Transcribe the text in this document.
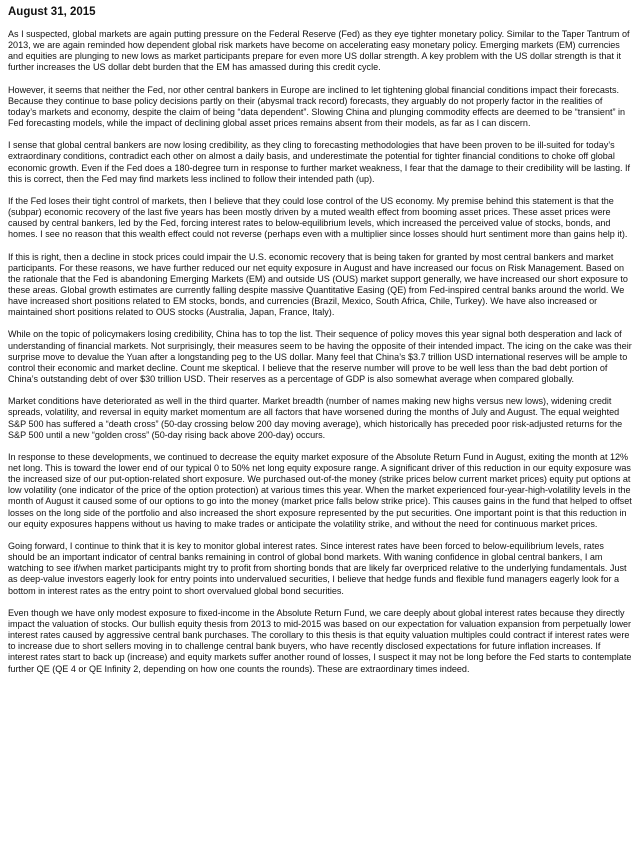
August 31, 2015

As I suspected, global markets are again putting pressure on the Federal Reserve (Fed) as they eye tighter monetary policy. Similar to the Taper Tantrum of 2013, we are again reminded how dependent global risk markets have become on accelerating easy monetary policy. Emerging markets (EM) currencies and equities are plunging to new lows as market participants prepare for even more US dollar strength. A key problem with the US dollar strength is that it further increases the US dollar debt burden that the EM has amassed during this credit cycle.

However, it seems that neither the Fed, nor other central bankers in Europe are inclined to let tightening global financial conditions impact their forecasts. Because they continue to base policy decisions partly on their (abysmal track record) forecasts, they arguably do not properly factor in the realities of today’s markets and economy, despite the claim of being “data dependent”. Slowing China and plunging commodity effects are deemed to be “transient” in Fed forecasting models, while the impact of declining global asset prices remains absent from their models, as far as I can discern.

I sense that global central bankers are now losing credibility, as they cling to forecasting methodologies that have been proven to be ill-suited for today’s extraordinary conditions, contradict each other on almost a daily basis, and underestimate the potential for tighter financial conditions to choke off global economic growth. Even if the Fed does a 180-degree turn in response to further market weakness, I fear that the damage to their credibility will be lasting. If this is correct, then the Fed may find markets less inclined to follow their intended path (up).

If the Fed loses their tight control of markets, then I believe that they could lose control of the US economy. My premise behind this statement is that the (subpar) economic recovery of the last five years has been mostly driven by a muted wealth effect from booming asset prices. These asset prices were caused by central bankers, led by the Fed, forcing interest rates to below-equilibrium levels, which increased the perceived value of stocks, bonds, and homes. I see no reason that this wealth effect could not reverse (perhaps even with a multiplier since losses should hurt sentiment more than gains help it).

If this is right, then a decline in stock prices could impair the U.S. economic recovery that is being taken for granted by most central bankers and market participants. For these reasons, we have further reduced our net equity exposure in August and have increased our focus on Risk Management. Based on the rationale that the Fed is abandoning Emerging Markets (EM) and outside US (OUS) market support generally, we have increased our short exposure to these areas. Global growth estimates are currently falling despite massive Quantitative Easing (QE) from Fed-inspired central banks around the world. We have increased short positions related to EM stocks, bonds, and currencies (Brazil, Mexico, South Africa, Chile, Turkey). We have also increased or maintained short positions related to OUS stocks (Australia, Japan, France, Italy).

While on the topic of policymakers losing credibility, China has to top the list. Their sequence of policy moves this year signal both desperation and lack of understanding of financial markets. Not surprisingly, their measures seem to be having the opposite of their intended impact. The icing on the cake was their surprise move to devalue the Yuan after a longstanding peg to the US dollar. Many feel that China’s $3.7 trillion USD international reserves will be ample to control their economic and market decline. Count me skeptical. I believe that the reserve number will prove to be well less than the bad debt portion of China’s outstanding debt of over $30 trillion USD. Their reserves as a percentage of GDP is also somewhat average when compared globally.

Market conditions have deteriorated as well in the third quarter. Market breadth (number of names making new highs versus new lows), widening credit spreads, volatility, and reversal in equity market momentum are all factors that have worsened during the months of July and August. The equal weighted S&P 500 has suffered a “death cross” (50-day crossing below 200 day moving average), which historically has preceded poor risk-adjusted returns for the S&P 500 until a new “golden cross” (50-day rising back above 200-day) occurs.

In response to these developments, we continued to decrease the equity market exposure of the Absolute Return Fund in August, exiting the month at 12% net long. This is toward the lower end of our typical 0 to 50% net long equity exposure range. A significant driver of this reduction in our equity exposure was the increased size of our put-option-related short exposure. We purchased out-of-the money (strike prices below current market prices) equity put options at low volatility (one indicator of the price of the option protection) at various times this year. When the market experienced four-year-high-volatility levels in the month of August it caused some of our options to go into the money (market price falls below strike price). This causes gains in the fund that helped to offset losses on the long side of the portfolio and also increased the short exposure represented by the put securities. One important point is that this reduction in our equity exposures happens without us having to make trades or anticipate the volatility strike, and without the need for continuous market prices.

Going forward, I continue to think that it is key to monitor global interest rates. Since interest rates have been forced to below-equilibrium levels, rates should be an important indicator of central banks remaining in control of global bond markets. With waning confidence in global central bankers, I am watching to see if/when market participants might try to profit from shorting bonds that are likely far overpriced relative to the underlying fundamentals. Just as deep-value investors eagerly look for entry points into undervalued securities, I believe that hedge funds and flexible fund managers eagerly look for a bottom in interest rates as the entry point to short overvalued global bond securities.

Even though we have only modest exposure to fixed-income in the Absolute Return Fund, we care deeply about global interest rates because they directly impact the valuation of stocks. Our bullish equity thesis from 2013 to mid-2015 was based on our expectation for valuation expansion from perpetually lower interest rates caused by aggressive central bank purchases. The corollary to this thesis is that equity valuation multiples could contract if interest rates were to increase due to short sellers moving in to challenge central bank buyers, who have recently disclosed expectations for future inflation increases. If interest rates start to back up (increase) and equity markets suffer another round of losses, I suspect it may not be long before the Fed starts to contemplate further QE (QE 4 or QE Infinity 2, depending on how one counts the rounds). These are extraordinary times indeed.
